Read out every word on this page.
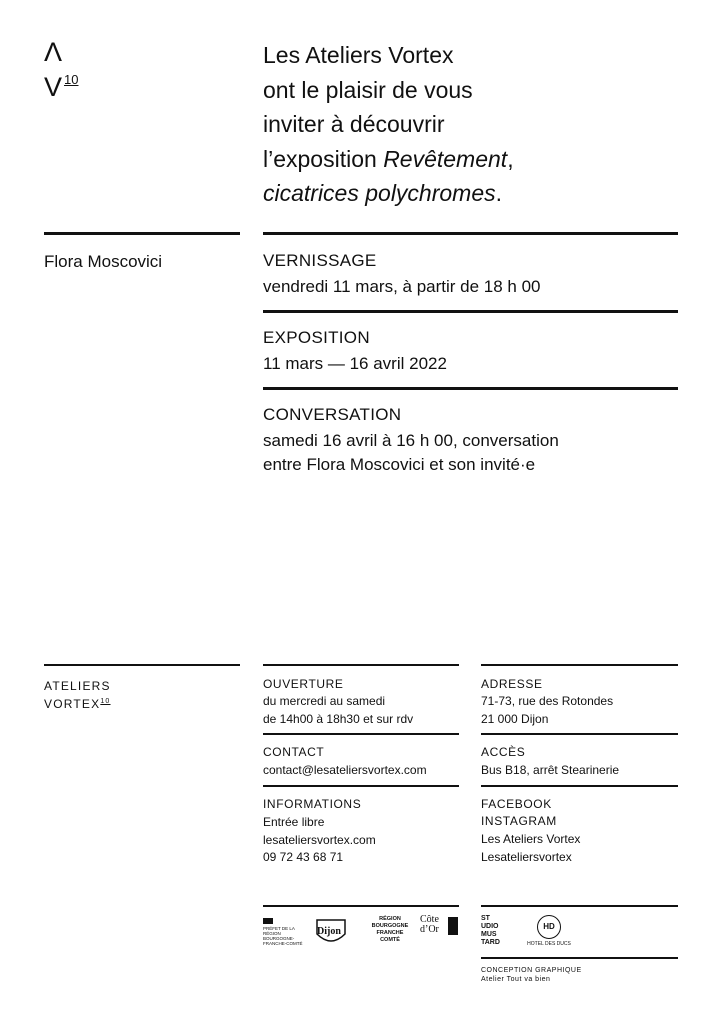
Λ
V $^{10}$
Les Ateliers Vortex
ont le plaisir de vous
inviter à découvrir
l’exposition Revêtement,
cicatrices polychromes.
Flora Moscovici	VERNISSAGE
vendredi 11 mars, à partir de 18 h 00
EXPOSITION
11 mars — 16 avril 2022
CONVERSATION
samedi 16 avril à 16 h 00, conversation
entre Flora Moscovici et son invité·e
ATELIERS
VORTEX$^{10}$
OUVERTURE
du mercredi au samedi
de 14h00 à 18h30 et sur rdv
ADRESSE
71-73, rue des Rotondes
21 000 Dijon
CONTACT
contact@lesateliersvortex.com
ACCÈS
Bus B18, arrêt Stearinerie
INFORMATIONS
Entrée libre
lesateliersvortex.com
09 72 43 68 71
FACEBOOK
INSTAGRAM
Les Ateliers Vortex
Lesateliersvortex
PRÉFET DE LA RÉGION BOURGOGNE-FRANCHE-COMTÉ
Dijon
RÉGION
BOURGOGNE
FRANCHE
COMTÉ
Côte
d’Or
ST
UDIO
MUS
TARD
HD
HOTEL DES DUCS
CONCEPTION GRAPHIQUE
Atelier Tout va bien
